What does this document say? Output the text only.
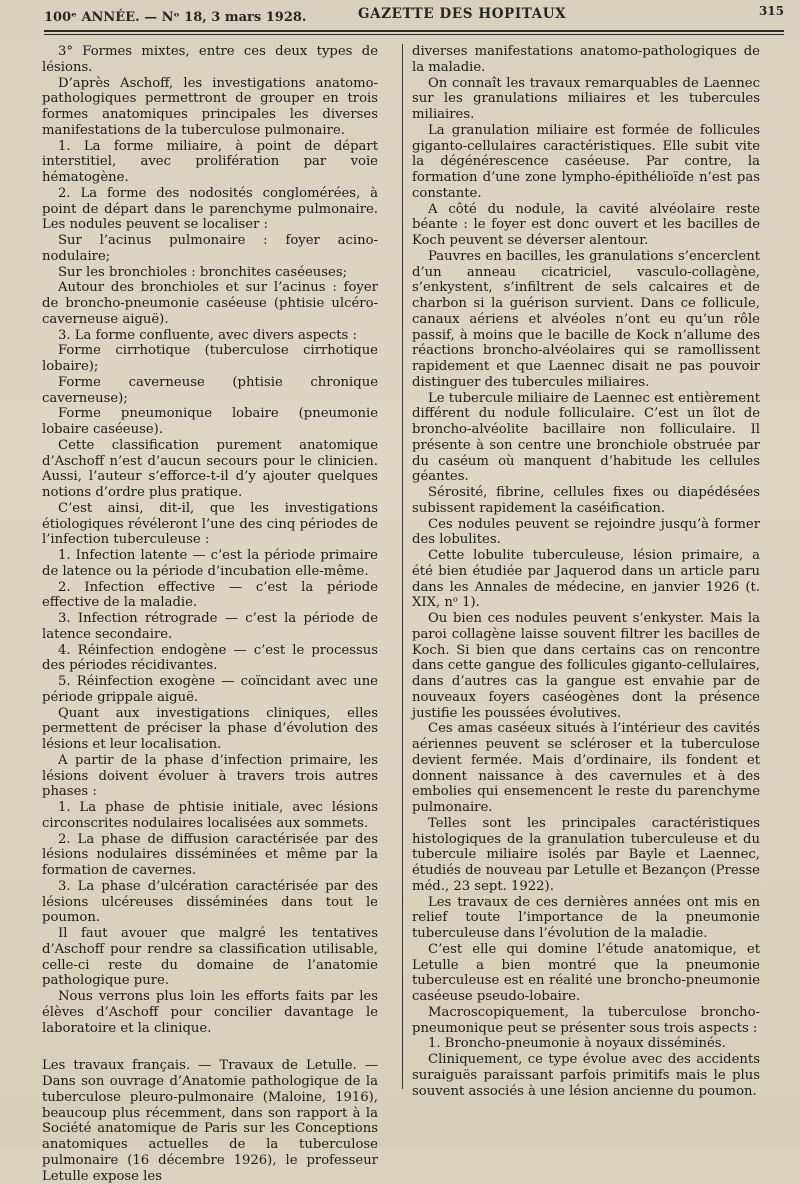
100ᵉ ANNÉE. — Nᵒ 18, 3 mars 1928.	GAZETTE DES HOPITAUX	315

3° Formes mixtes, entre ces deux types de lésions.

D’après Aschoff, les investigations anatomo-pathologiques permettront de grouper en trois formes anatomiques principales les diverses manifestations de la tuberculose pulmonaire.

1. La forme miliaire, à point de départ interstitiel, avec prolifération par voie hématogène.

2. La forme des nodosités conglomérées, à point de départ dans le parenchyme pulmonaire. Les nodules peuvent se localiser :

Sur l’acinus pulmonaire : foyer acino-nodulaire;

Sur les bronchioles : bronchites caséeuses;

Autour des bronchioles et sur l’acinus : foyer de broncho-pneumonie caséeuse (phtisie ulcéro-caverneuse aiguë).

3. La forme confluente, avec divers aspects :

Forme cirrhotique (tuberculose cirrhotique lobaire);

Forme caverneuse (phtisie chronique caverneuse);

Forme pneumonique lobaire (pneumonie lobaire caséeuse).

Cette classification purement anatomique d’Aschoff n’est d’aucun secours pour le clinicien. Aussi, l’auteur s’efforce-t-il d’y ajouter quelques notions d’ordre plus pratique.

C’est ainsi, dit-il, que les investigations étiologiques révéleront l’une des cinq périodes de l’infection tuberculeuse :

1. Infection latente — c’est la période primaire de latence ou la période d’incubation elle-même.

2. Infection effective — c’est la période effective de la maladie.

3. Infection rétrograde — c’est la période de latence secondaire.

4. Réinfection endogène — c’est le processus des périodes récidivantes.

5. Réinfection exogène — coïncidant avec une période grippale aiguë.

Quant aux investigations cliniques, elles permettent de préciser la phase d’évolution des lésions et leur localisation.

A partir de la phase d’infection primaire, les lésions doivent évoluer à travers trois autres phases :

1. La phase de phtisie initiale, avec lésions circonscrites nodulaires localisées aux sommets.

2. La phase de diffusion caractérisée par des lésions nodulaires disséminées et même par la formation de cavernes.

3. La phase d’ulcération caractérisée par des lésions ulcéreuses disséminées dans tout le poumon.

Il faut avouer que malgré les tentatives d’Aschoff pour rendre sa classification utilisable, celle-ci reste du domaine de l’anatomie pathologique pure.

Nous verrons plus loin les efforts faits par les élèves d’Aschoff pour concilier davantage le laboratoire et la clinique.

Les travaux français. — Travaux de Letulle. — Dans son ouvrage d’Anatomie pathologique de la tuberculose pleuro-pulmonaire (Maloine, 1916), beaucoup plus récemment, dans son rapport à la Société anatomique de Paris sur les Conceptions anatomiques actuelles de la tuberculose pulmonaire (16 décembre 1926), le professeur Letulle expose les

diverses manifestations anatomo-pathologiques de la maladie.

On connaît les travaux remarquables de Laennec sur les granulations miliaires et les tubercules miliaires.

La granulation miliaire est formée de follicules giganto-cellulaires caractéristiques. Elle subit vite la dégénérescence caséeuse. Par contre, la formation d’une zone lympho-épithélioïde n’est pas constante.

A côté du nodule, la cavité alvéolaire reste béante : le foyer est donc ouvert et les bacilles de Koch peuvent se déverser alentour.

Pauvres en bacilles, les granulations s’encerclent d’un anneau cicatriciel, vasculo-collagène, s’enkystent, s’infiltrent de sels calcaires et de charbon si la guérison survient. Dans ce follicule, canaux aériens et alvéoles n’ont eu qu’un rôle passif, à moins que le bacille de Kock n’allume des réactions broncho-alvéolaires qui se ramollissent rapidement et que Laennec disait ne pas pouvoir distinguer des tubercules miliaires.

Le tubercule miliaire de Laennec est entièrement différent du nodule folliculaire. C’est un îlot de broncho-alvéolite bacillaire non folliculaire. Il présente à son centre une bronchiole obstruée par du caséum où manquent d’habitude les cellules géantes.

Sérosité, fibrine, cellules fixes ou diapédésées subissent rapidement la caséification.

Ces nodules peuvent se rejoindre jusqu’à former des lobulites.

Cette lobulite tuberculeuse, lésion primaire, a été bien étudiée par Jaquerod dans un article paru dans les Annales de médecine, en janvier 1926 (t. XIX, nᵒ 1).

Ou bien ces nodules peuvent s’enkyster. Mais la paroi collagène laisse souvent filtrer les bacilles de Koch. Si bien que dans certains cas on rencontre dans cette gangue des follicules giganto-cellulaires, dans d’autres cas la gangue est envahie par de nouveaux foyers caséogènes dont la présence justifie les poussées évolutives.

Ces amas caséeux situés à l’intérieur des cavités aériennes peuvent se scléroser et la tuberculose devient fermée. Mais d’ordinaire, ils fondent et donnent naissance à des cavernules et à des embolies qui ensemencent le reste du parenchyme pulmonaire.

Telles sont les principales caractéristiques histologiques de la granulation tuberculeuse et du tubercule miliaire isolés par Bayle et Laennec, étudiés de nouveau par Letulle et Bezançon (Presse méd., 23 sept. 1922).

Les travaux de ces dernières années ont mis en relief toute l’importance de la pneumonie tuberculeuse dans l’évolution de la maladie.

C’est elle qui domine l’étude anatomique, et Letulle a bien montré que la pneumonie tuberculeuse est en réalité une broncho-pneumonie caséeuse pseudo-lobaire.

Macroscopiquement, la tuberculose broncho-pneumonique peut se présenter sous trois aspects :

1. Broncho-pneumonie à noyaux disséminés.

Cliniquement, ce type évolue avec des accidents suraiguës paraissant parfois primitifs mais le plus souvent associés à une lésion ancienne du poumon.
